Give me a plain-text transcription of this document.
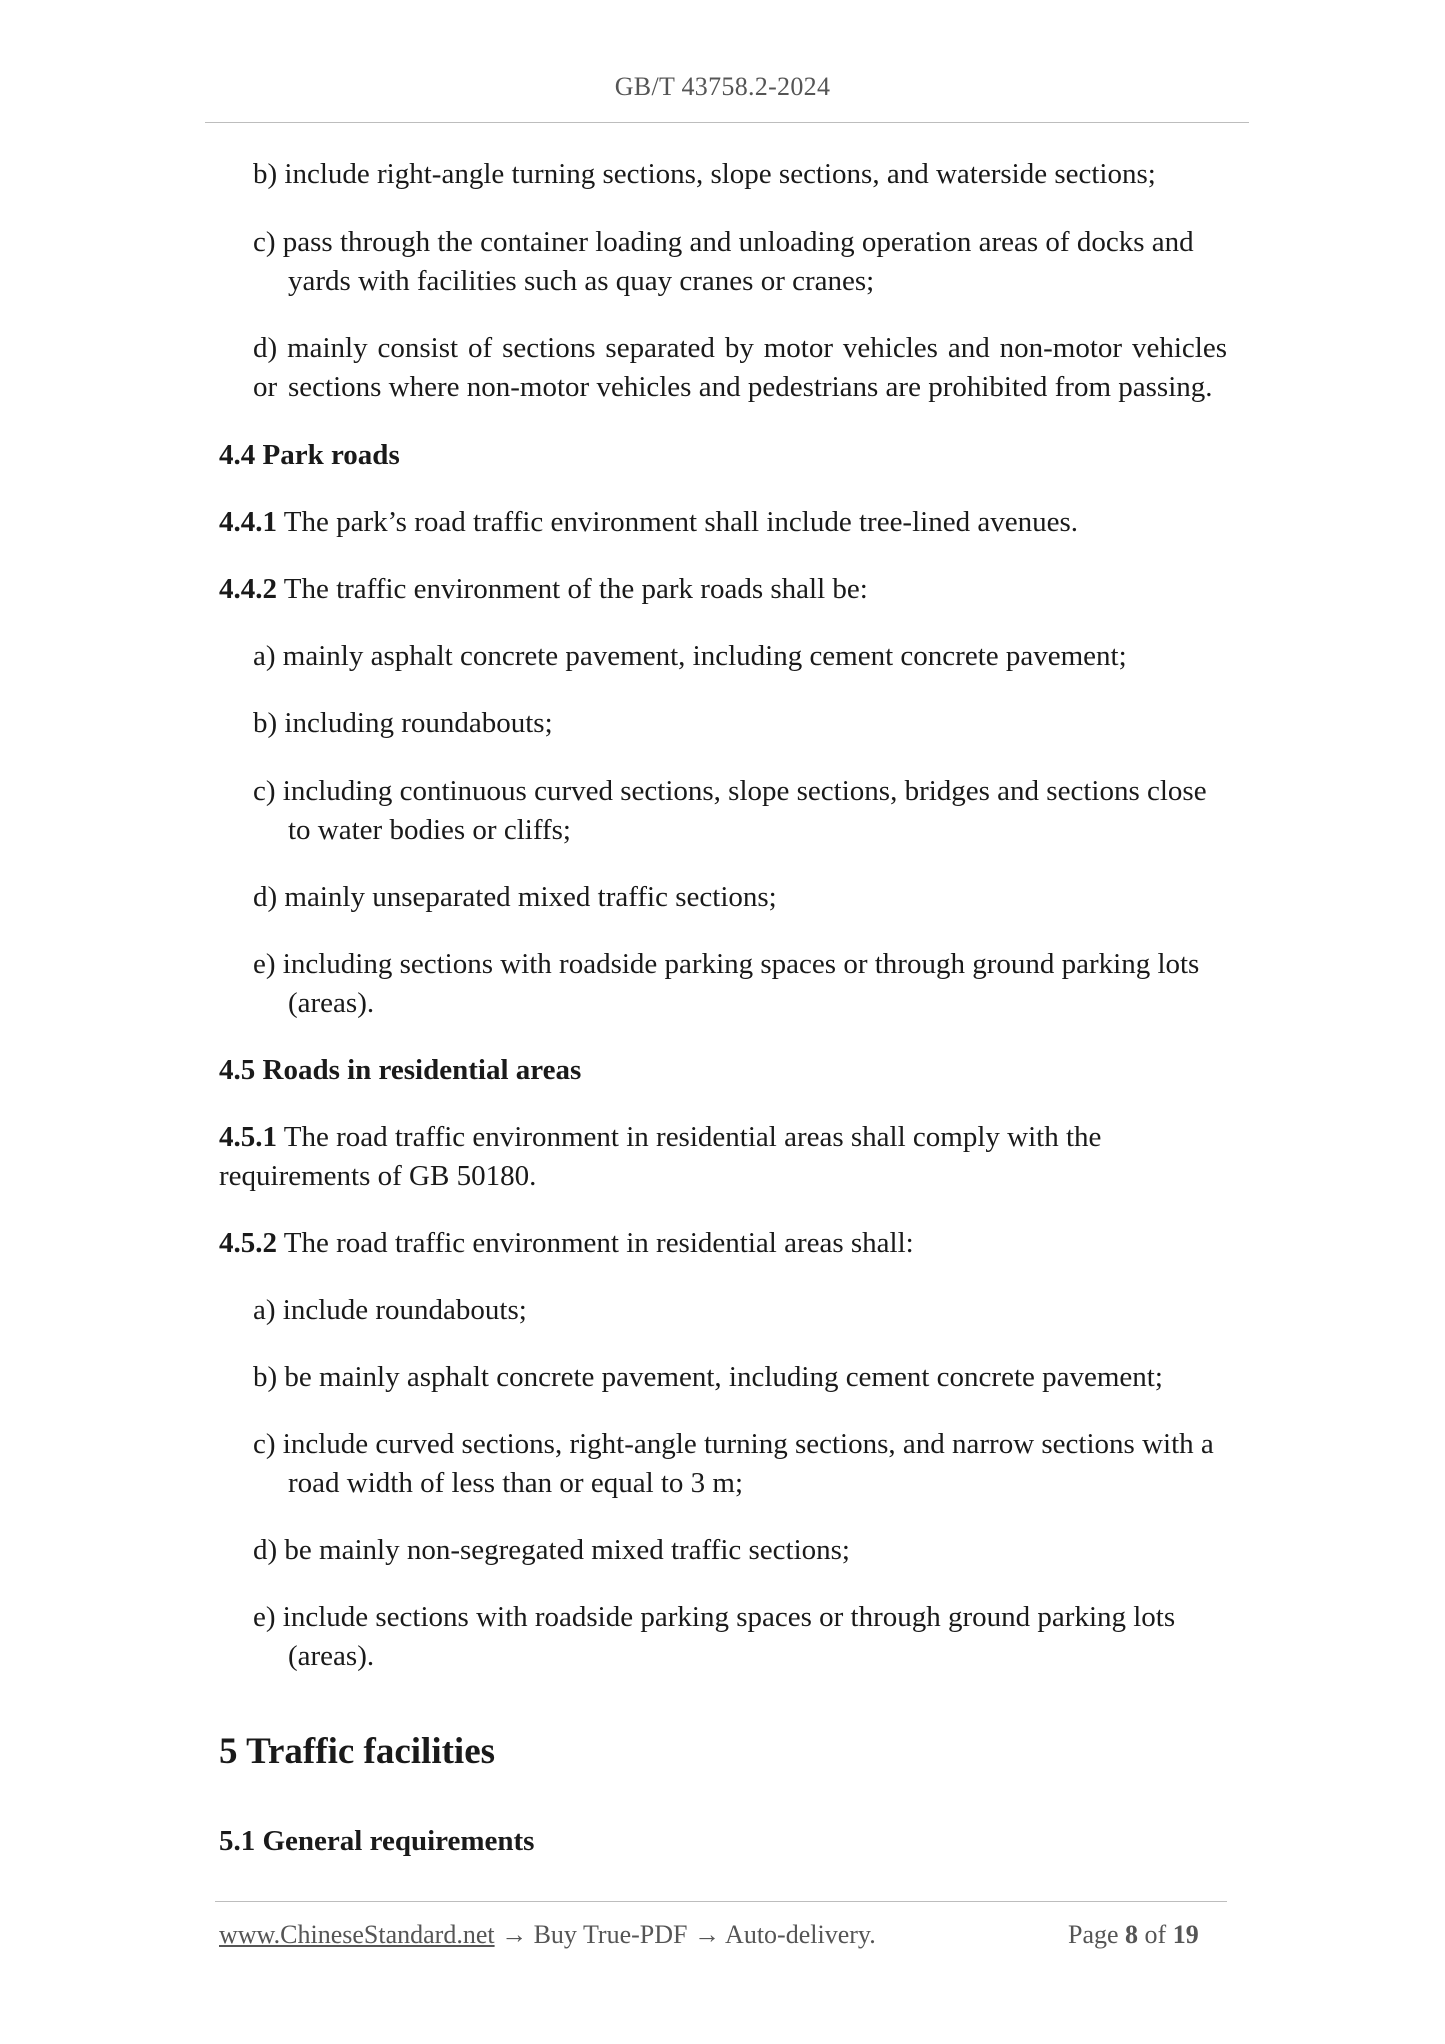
GB/T 43758.2-2024
b) include right-angle turning sections, slope sections, and waterside sections;
c) pass through the container loading and unloading operation areas of docks and
yards with facilities such as quay cranes or cranes;
d) mainly consist of sections separated by motor vehicles and non-motor vehicles or sections where non-motor vehicles and pedestrians are prohibited from passing.
4.4 Park roads
4.4.1 The park’s road traffic environment shall include tree-lined avenues.
4.4.2 The traffic environment of the park roads shall be:
a) mainly asphalt concrete pavement, including cement concrete pavement;
b) including roundabouts;
c) including continuous curved sections, slope sections, bridges and sections close
to water bodies or cliffs;
d) mainly unseparated mixed traffic sections;
e) including sections with roadside parking spaces or through ground parking lots
(areas).
4.5 Roads in residential areas
4.5.1 The road traffic environment in residential areas shall comply with the
requirements of GB 50180.
4.5.2 The road traffic environment in residential areas shall:
a) include roundabouts;
b) be mainly asphalt concrete pavement, including cement concrete pavement;
c) include curved sections, right-angle turning sections, and narrow sections with a
road width of less than or equal to 3 m;
d) be mainly non-segregated mixed traffic sections;
e) include sections with roadside parking spaces or through ground parking lots
(areas).
5 Traffic facilities
5.1 General requirements
www.ChineseStandard.net → Buy True-PDF → Auto-delivery.	Page 8 of 19
